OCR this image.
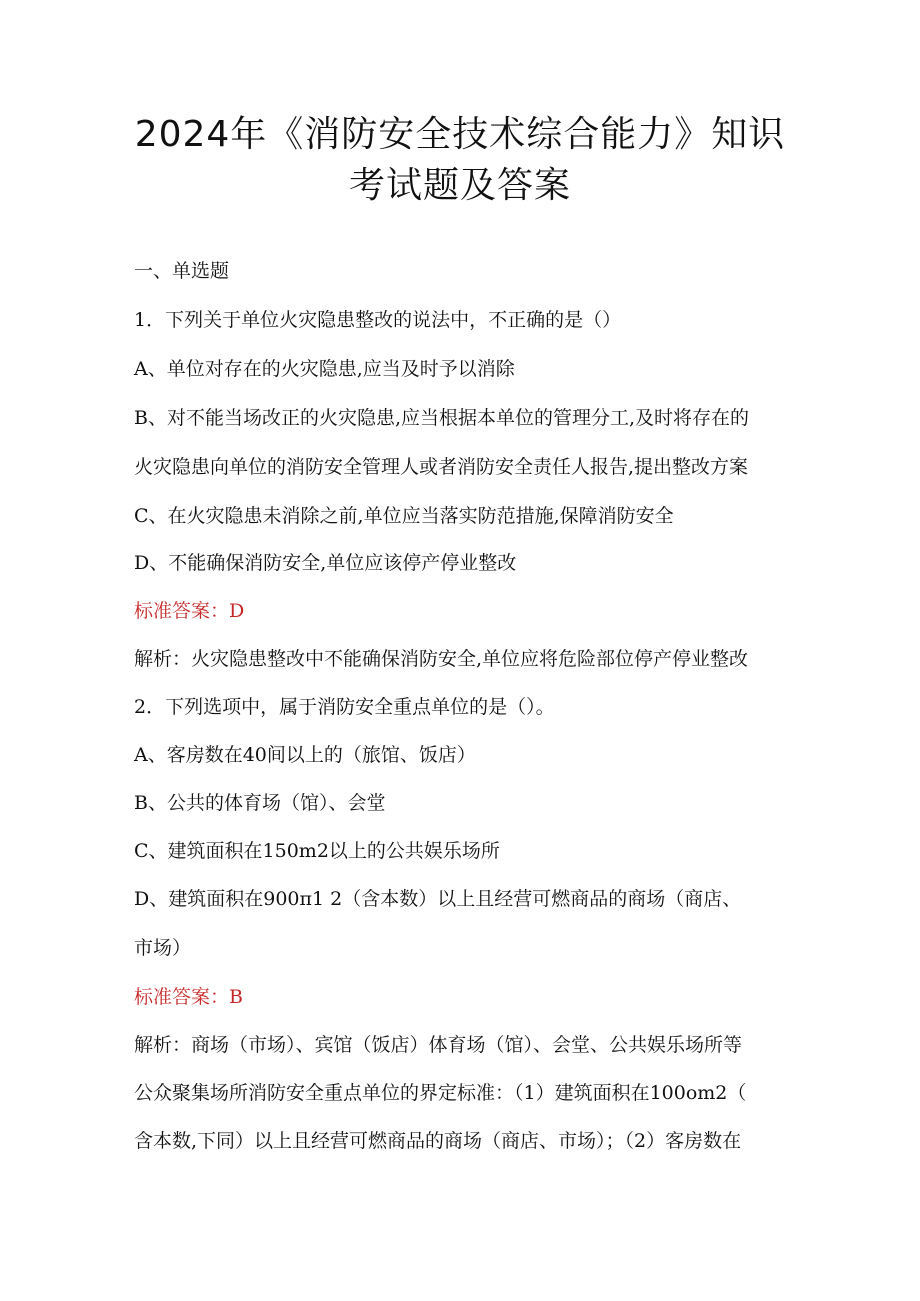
2024年《消防安全技术综合能力》知识
考试题及答案

一、单选题

1．下列关于单位火灾隐患整改的说法中，不正确的是（）

A、单位对存在的火灾隐患,应当及时予以消除

B、对不能当场改正的火灾隐患,应当根据本单位的管理分工,及时将存在的

火灾隐患向单位的消防安全管理人或者消防安全责任人报告,提出整改方案

C、在火灾隐患未消除之前,单位应当落实防范措施,保障消防安全

D、不能确保消防安全,单位应该停产停业整改

标准答案：D

解析：火灾隐患整改中不能确保消防安全,单位应将危险部位停产停业整改

2．下列选项中，属于消防安全重点单位的是（）。

A、客房数在40间以上的（旅馆、饭店）

B、公共的体育场（馆）、会堂

C、建筑面积在150m2以上的公共娱乐场所

D、建筑面积在900π1 2（含本数）以上且经营可燃商品的商场（商店、

市场）

标准答案：B

解析：商场（市场）、宾馆（饭店）体育场（馆）、会堂、公共娱乐场所等

公众聚集场所消防安全重点单位的界定标准：（1）建筑面积在100om2（

含本数,下同）以上且经营可燃商品的商场（商店、市场）；（2）客房数在
